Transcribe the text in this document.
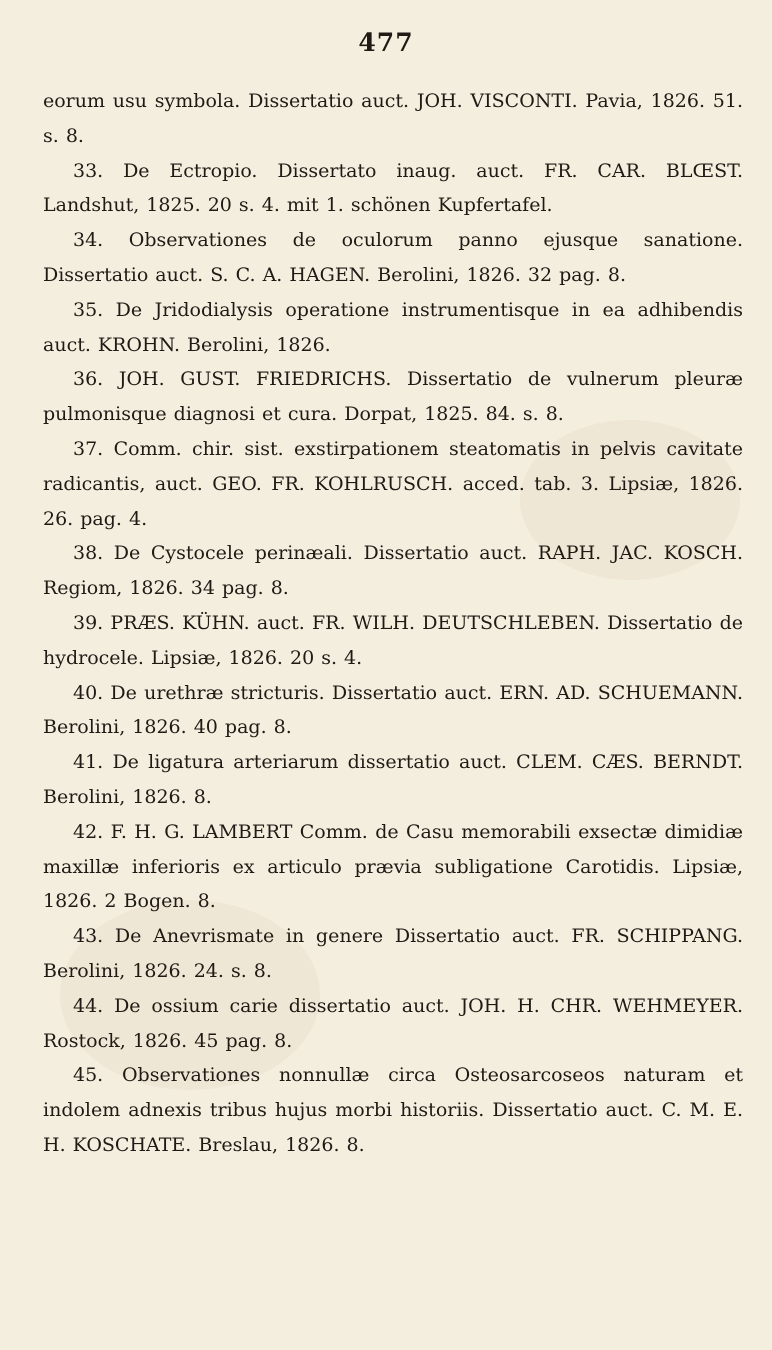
477

eorum usu symbola. Dissertatio auct. JOH. VISCONTI. Pavia, 1826. 51. s. 8.

33. De Ectropio. Dissertato inaug. auct. FR. CAR. BLŒST. Landshut, 1825. 20 s. 4. mit 1. schönen Kupfertafel.

34. Observationes de oculorum panno ejusque sanatione. Dissertatio auct. S. C. A. HAGEN. Berolini, 1826. 32 pag. 8.

35. De Jridodialysis operatione instrumentisque in ea adhibendis auct. KROHN. Berolini, 1826.

36. JOH. GUST. FRIEDRICHS. Dissertatio de vulnerum pleuræ pulmonisque diagnosi et cura. Dorpat, 1825. 84. s. 8.

37. Comm. chir. sist. exstirpationem steatomatis in pelvis cavitate radicantis, auct. GEO. FR. KOHLRUSCH. acced. tab. 3. Lipsiæ, 1826. 26. pag. 4.

38. De Cystocele perinæali. Dissertatio auct. RAPH. JAC. KOSCH. Regiom, 1826. 34 pag. 8.

39. PRÆS. KÜHN. auct. FR. WILH. DEUTSCHLEBEN. Dissertatio de hydrocele. Lipsiæ, 1826. 20 s. 4.

40. De urethræ stricturis. Dissertatio auct. ERN. AD. SCHUEMANN. Berolini, 1826. 40 pag. 8.

41. De ligatura arteriarum dissertatio auct. CLEM. CÆS. BERNDT. Berolini, 1826. 8.

42. F. H. G. LAMBERT Comm. de Casu memorabili exsectæ dimidiæ maxillæ inferioris ex articulo prævia subligatione Carotidis. Lipsiæ, 1826. 2 Bogen. 8.

43. De Anevrismate in genere Dissertatio auct. FR. SCHIPPANG. Berolini, 1826. 24. s. 8.

44. De ossium carie dissertatio auct. JOH. H. CHR. WEHMEYER. Rostock, 1826. 45 pag. 8.

45. Observationes nonnullæ circa Osteosarcoseos naturam et indolem adnexis tribus hujus morbi historiis. Dissertatio auct. C. M. E. H. KOSCHATE. Breslau, 1826. 8.
